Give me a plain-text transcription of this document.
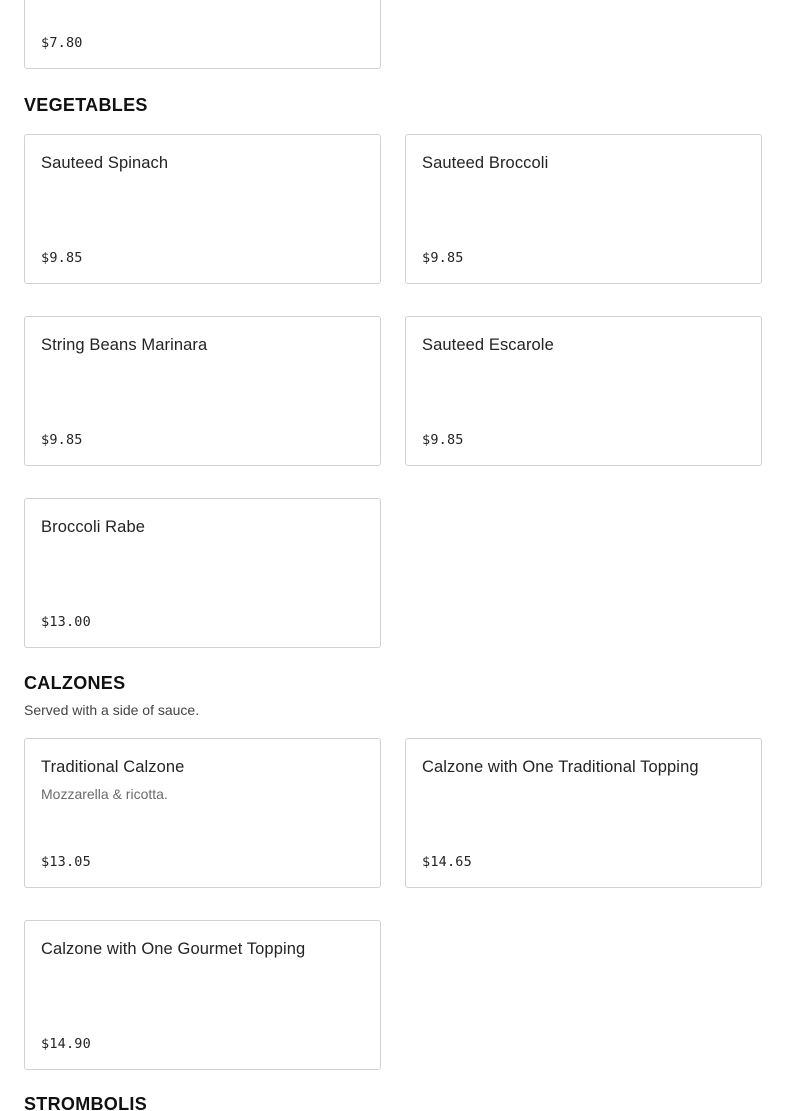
$7.80
VEGETABLES
Sauteed Spinach
$9.85
Sauteed Broccoli
$9.85
String Beans Marinara
$9.85
Sauteed Escarole
$9.85
Broccoli Rabe
$13.00
CALZONES
Served with a side of sauce.
Traditional Calzone
Mozzarella & ricotta.
$13.05
Calzone with One Traditional Topping
$14.65
Calzone with One Gourmet Topping
$14.90
STROMBOLIS
